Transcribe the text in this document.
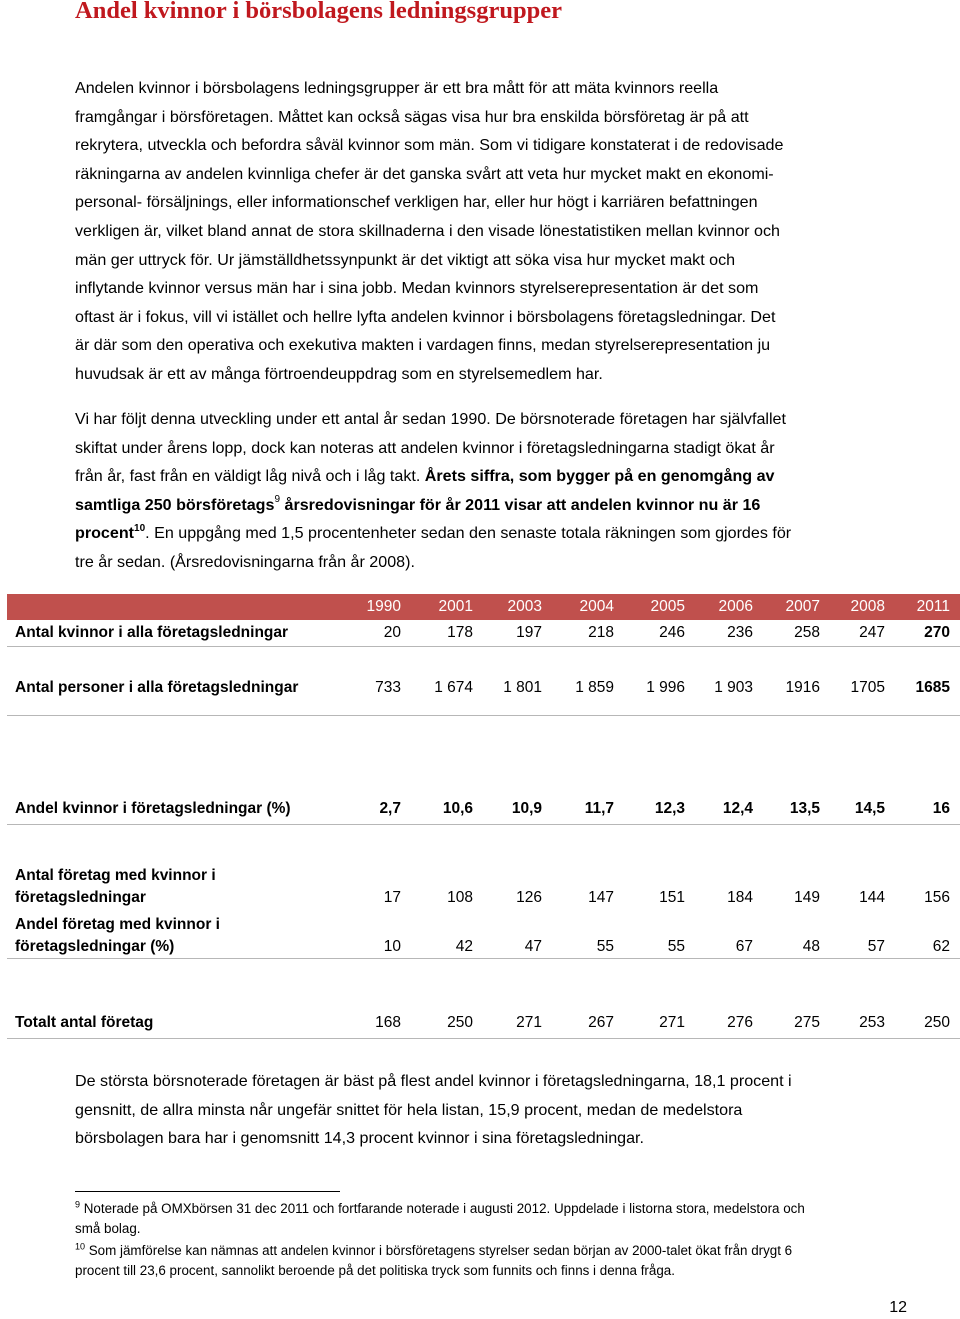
Andel kvinnor i börsbolagens ledningsgrupper
Andelen kvinnor i börsbolagens ledningsgrupper är ett bra mått för att mäta kvinnors reella
framgångar i börsföretagen. Måttet kan också sägas visa hur bra enskilda börsföretag är på att
rekrytera, utveckla och befordra såväl kvinnor som män. Som vi tidigare konstaterat i de redovisade
räkningarna av andelen kvinnliga chefer är det ganska svårt att veta hur mycket makt en ekonomi-
personal- försäljnings, eller informationschef verkligen har, eller hur högt i karriären befattningen
verkligen är, vilket bland annat de stora skillnaderna i den visade lönestatistiken mellan kvinnor och
män ger uttryck för. Ur jämställdhetssynpunkt är det viktigt att söka visa hur mycket makt och
inflytande kvinnor versus män har i sina jobb. Medan kvinnors styrelserepresentation är det som
oftast är i fokus, vill vi istället och hellre lyfta andelen kvinnor i börsbolagens företagsledningar. Det
är där som den operativa och exekutiva makten i vardagen finns, medan styrelserepresentation ju
huvudsak är ett av många förtroendeuppdrag som en styrelsemedlem har.
Vi har följt denna utveckling under ett antal år sedan 1990. De börsnoterade företagen har självfallet
skiftat under årens lopp, dock kan noteras att andelen kvinnor i företagsledningarna stadigt ökat år
från år, fast från en väldigt låg nivå och i låg takt. Årets siffra, som bygger på en genomgång av
samtliga 250 börsföretags$^9$ årsredovisningar för år 2011 visar att andelen kvinnor nu är 16
procent$^{10}$. En uppgång med 1,5 procentenheter sedan den senaste totala räkningen som gjordes för
tre år sedan. (Årsredovisningarna från år 2008).
	1990	2001	2003	2004	2005	2006	2007	2008	2011
Antal kvinnor i alla företagsledningar	20	178	197	218	246	236	258	247	270
Antal personer i alla företagsledningar	733	1 674	1 801	1 859	1 996	1 903	1916	1705	1685
Andel kvinnor i företagsledningar (%)	2,7	10,6	10,9	11,7	12,3	12,4	13,5	14,5	16

Antal företag med kvinnor i
företagsledningar	17	108	126	147	151	184	149	144	156

Andel företag med kvinnor i
företagsledningar (%)	10	42	47	55	55	67	48	57	62
Totalt antal företag	168	250	271	267	271	276	275	253	250
De största börsnoterade företagen är bäst på flest andel kvinnor i företagsledningarna, 18,1 procent i
gensnitt, de allra minsta når ungefär snittet för hela listan, 15,9 procent, medan de medelstora
börsbolagen bara har i genomsnitt 14,3 procent kvinnor i sina företagsledningar.
$^9$ Noterade på OMXbörsen 31 dec 2011 och fortfarande noterade i augusti 2012. Uppdelade i listorna stora, medelstora och
små bolag.
$^{10}$ Som jämförelse kan nämnas att andelen kvinnor i börsföretagens styrelser sedan början av 2000-talet ökat från drygt 6
procent till 23,6 procent, sannolikt beroende på det politiska tryck som funnits och finns i denna fråga.
12
